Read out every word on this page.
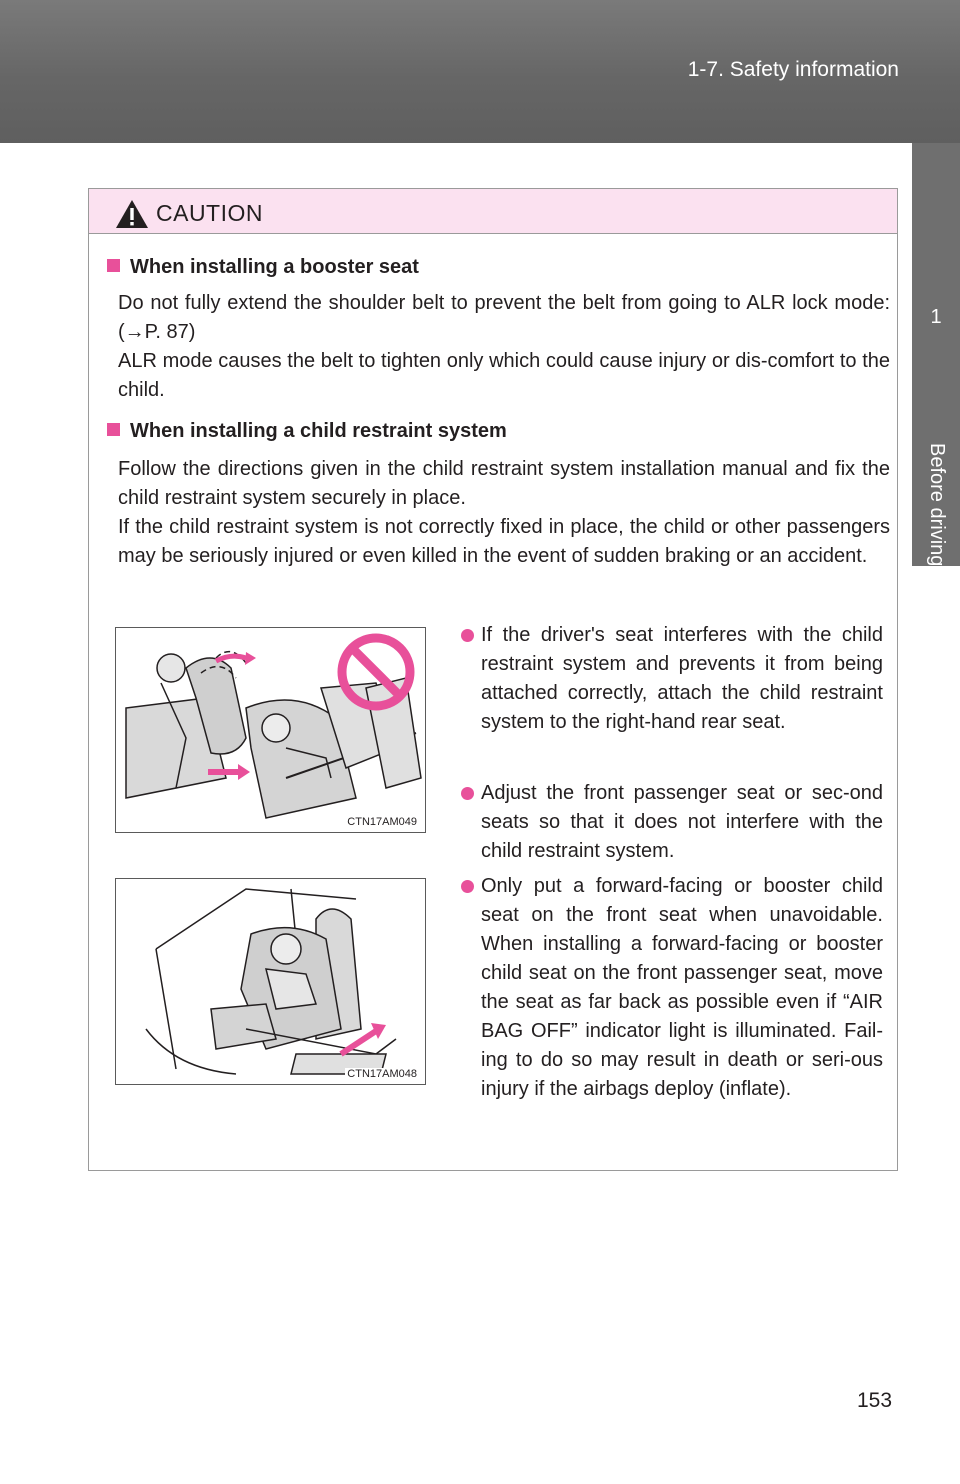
1-7. Safety information
1
Before driving
CAUTION
When installing a booster seat
Do not fully extend the shoulder belt to prevent the belt from going to ALR lock mode: (→P. 87)
ALR mode causes the belt to tighten only which could cause injury or dis-comfort to the child.
When installing a child restraint system
Follow the directions given in the child restraint system installation manual and fix the child restraint system securely in place.
If the child restraint system is not correctly fixed in place, the child or other passengers may be seriously injured or even killed in the event of sudden braking or an accident.
CTN17AM049
CTN17AM048
If the driver's seat interferes with the child restraint system and prevents it from being attached correctly, attach the child restraint system to the right-hand rear seat.
Adjust the front passenger seat or sec-ond seats so that it does not interfere with the child restraint system.
Only put a forward-facing or booster child seat on the front seat when unavoidable. When installing a forward-facing or booster child seat on the front passenger seat, move the seat as far back as possible even if “AIR BAG OFF” indicator light is illuminated. Fail-ing to do so may result in death or seri-ous injury if the airbags deploy (inflate).
153
